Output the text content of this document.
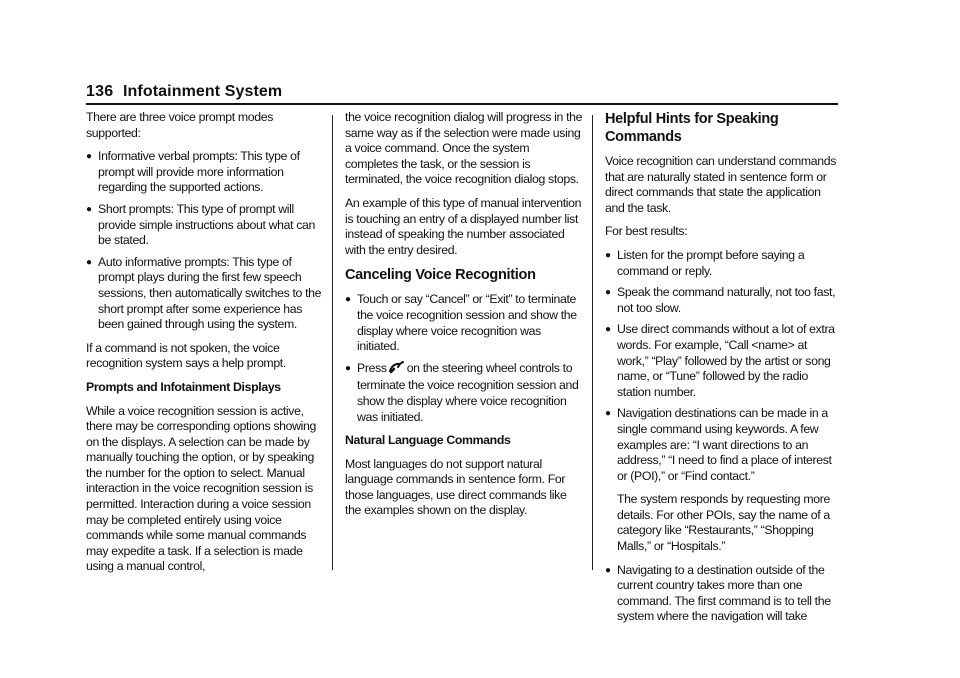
136 Infotainment System

There are three voice prompt modes supported:

● Informative verbal prompts: This type of prompt will provide more information regarding the supported actions.
● Short prompts: This type of prompt will provide simple instructions about what can be stated.
● Auto informative prompts: This type of prompt plays during the first few speech sessions, then automatically switches to the short prompt after some experience has been gained through using the system.

If a command is not spoken, the voice recognition system says a help prompt.

Prompts and Infotainment Displays

While a voice recognition session is active, there may be corresponding options showing on the displays. A selection can be made by manually touching the option, or by speaking the number for the option to select. Manual interaction in the voice recognition session is permitted. Interaction during a voice session may be completed entirely using voice commands while some manual commands may expedite a task. If a selection is made using a manual control,

the voice recognition dialog will progress in the same way as if the selection were made using a voice command. Once the system completes the task, or the session is terminated, the voice recognition dialog stops.

An example of this type of manual intervention is touching an entry of a displayed number list instead of speaking the number associated with the entry desired.

Canceling Voice Recognition
● Touch or say “Cancel” or “Exit” to terminate the voice recognition session and show the display where voice recognition was initiated.
● Press on the steering wheel controls to terminate the voice recognition session and show the display where voice recognition was initiated.

Natural Language Commands

Most languages do not support natural language commands in sentence form. For those languages, use direct commands like the examples shown on the display.

Helpful Hints for Speaking Commands

Voice recognition can understand commands that are naturally stated in sentence form or direct commands that state the application and the task.

For best results:

● Listen for the prompt before saying a command or reply.
● Speak the command naturally, not too fast, not too slow.
● Use direct commands without a lot of extra words. For example, “Call <name> at work,” “Play” followed by the artist or song name, or “Tune” followed by the radio station number.
● Navigation destinations can be made in a single command using keywords. A few examples are: “I want directions to an address,” “I need to find a place of interest or (POI),” or “Find contact.”

The system responds by requesting more details. For other POIs, say the name of a category like “Restaurants,” “Shopping Malls,” or “Hospitals.”

● Navigating to a destination outside of the current country takes more than one command. The first command is to tell the system where the navigation will take
